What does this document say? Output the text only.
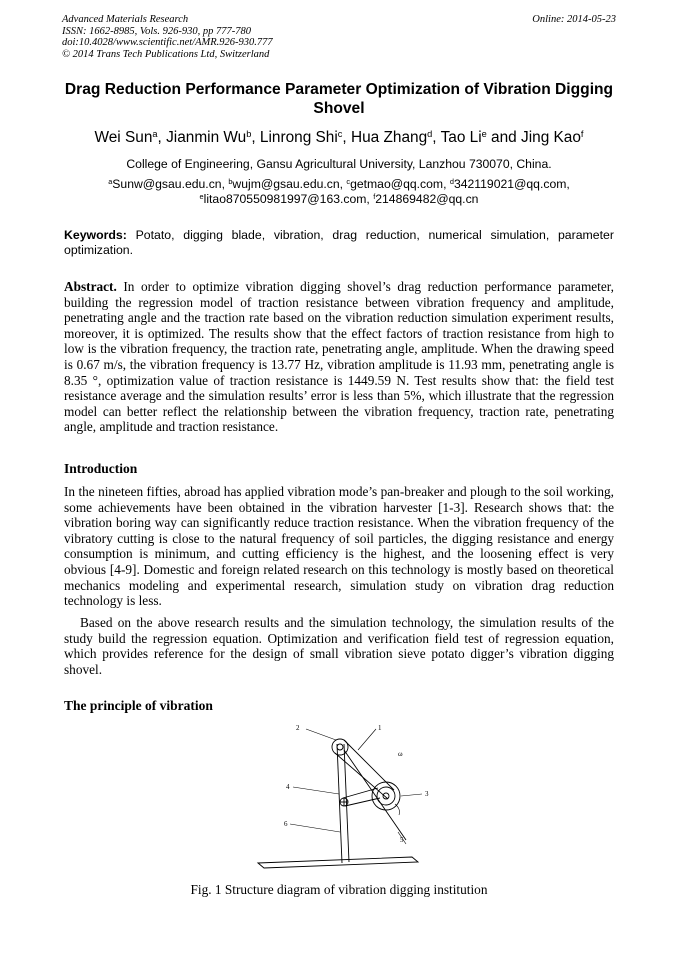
Advanced Materials Research
ISSN: 1662-8985, Vols. 926-930, pp 777-780
doi:10.4028/www.scientific.net/AMR.926-930.777
© 2014 Trans Tech Publications Ltd, Switzerland
Online: 2014-05-23
Drag Reduction Performance Parameter Optimization of Vibration Digging Shovel
Wei Sun$^a$, Jianmin Wu$^b$, Linrong Shi$^c$, Hua Zhang$^d$, Tao Li$^e$ and Jing Kao$^f$
College of Engineering, Gansu Agricultural University, Lanzhou 730070, China.
$^a$Sunw@gsau.edu.cn, $^b$wujm@gsau.edu.cn, $^c$getmao@qq.com, $^d$342119021@qq.com,
$^e$litao870550981997@163.com, $^f$214869482@qq.cn
Keywords: Potato, digging blade, vibration, drag reduction, numerical simulation, parameter optimization.
Abstract. In order to optimize vibration digging shovel’s drag reduction performance parameter, building the regression model of traction resistance between vibration frequency and amplitude, penetrating angle and the traction rate based on the vibration reduction simulation experiment results, moreover, it is optimized. The results show that the effect factors of traction resistance from high to low is the vibration frequency, the traction rate, penetrating angle, amplitude. When the drawing speed is 0.67 m/s, the vibration frequency is 13.77 Hz, vibration amplitude is 11.93 mm, penetrating angle is 8.35 °, optimization value of traction resistance is 1449.59 N. Test results show that: the field test resistance average and the simulation results’ error is less than 5%, which illustrate that the regression model can better reflect the relationship between the vibration frequency, traction rate, penetrating angle, amplitude and traction resistance.
Introduction
In the nineteen fifties, abroad has applied vibration mode’s pan-breaker and plough to the soil working, some achievements have been obtained in the vibration harvester [1-3]. Research shows that: the vibration boring way can significantly reduce traction resistance. When the vibration frequency of the vibratory cutting is close to the natural frequency of soil particles, the digging resistance and energy consumption is minimum, and cutting efficiency is the highest, and the loosening effect is very obvious [4-9]. Domestic and foreign related research on this technology is mostly based on theoretical mechanics modeling and experimental research, simulation study on vibration drag reduction technology is less.
Based on the above research results and the simulation technology, the simulation results of the study build the regression equation. Optimization and verification field test of regression equation, which provides reference for the design of small vibration sieve potato digger’s vibration digging shovel.
The principle of vibration
2	1
3
4
5
6
ω
Fig. 1 Structure diagram of vibration digging institution
